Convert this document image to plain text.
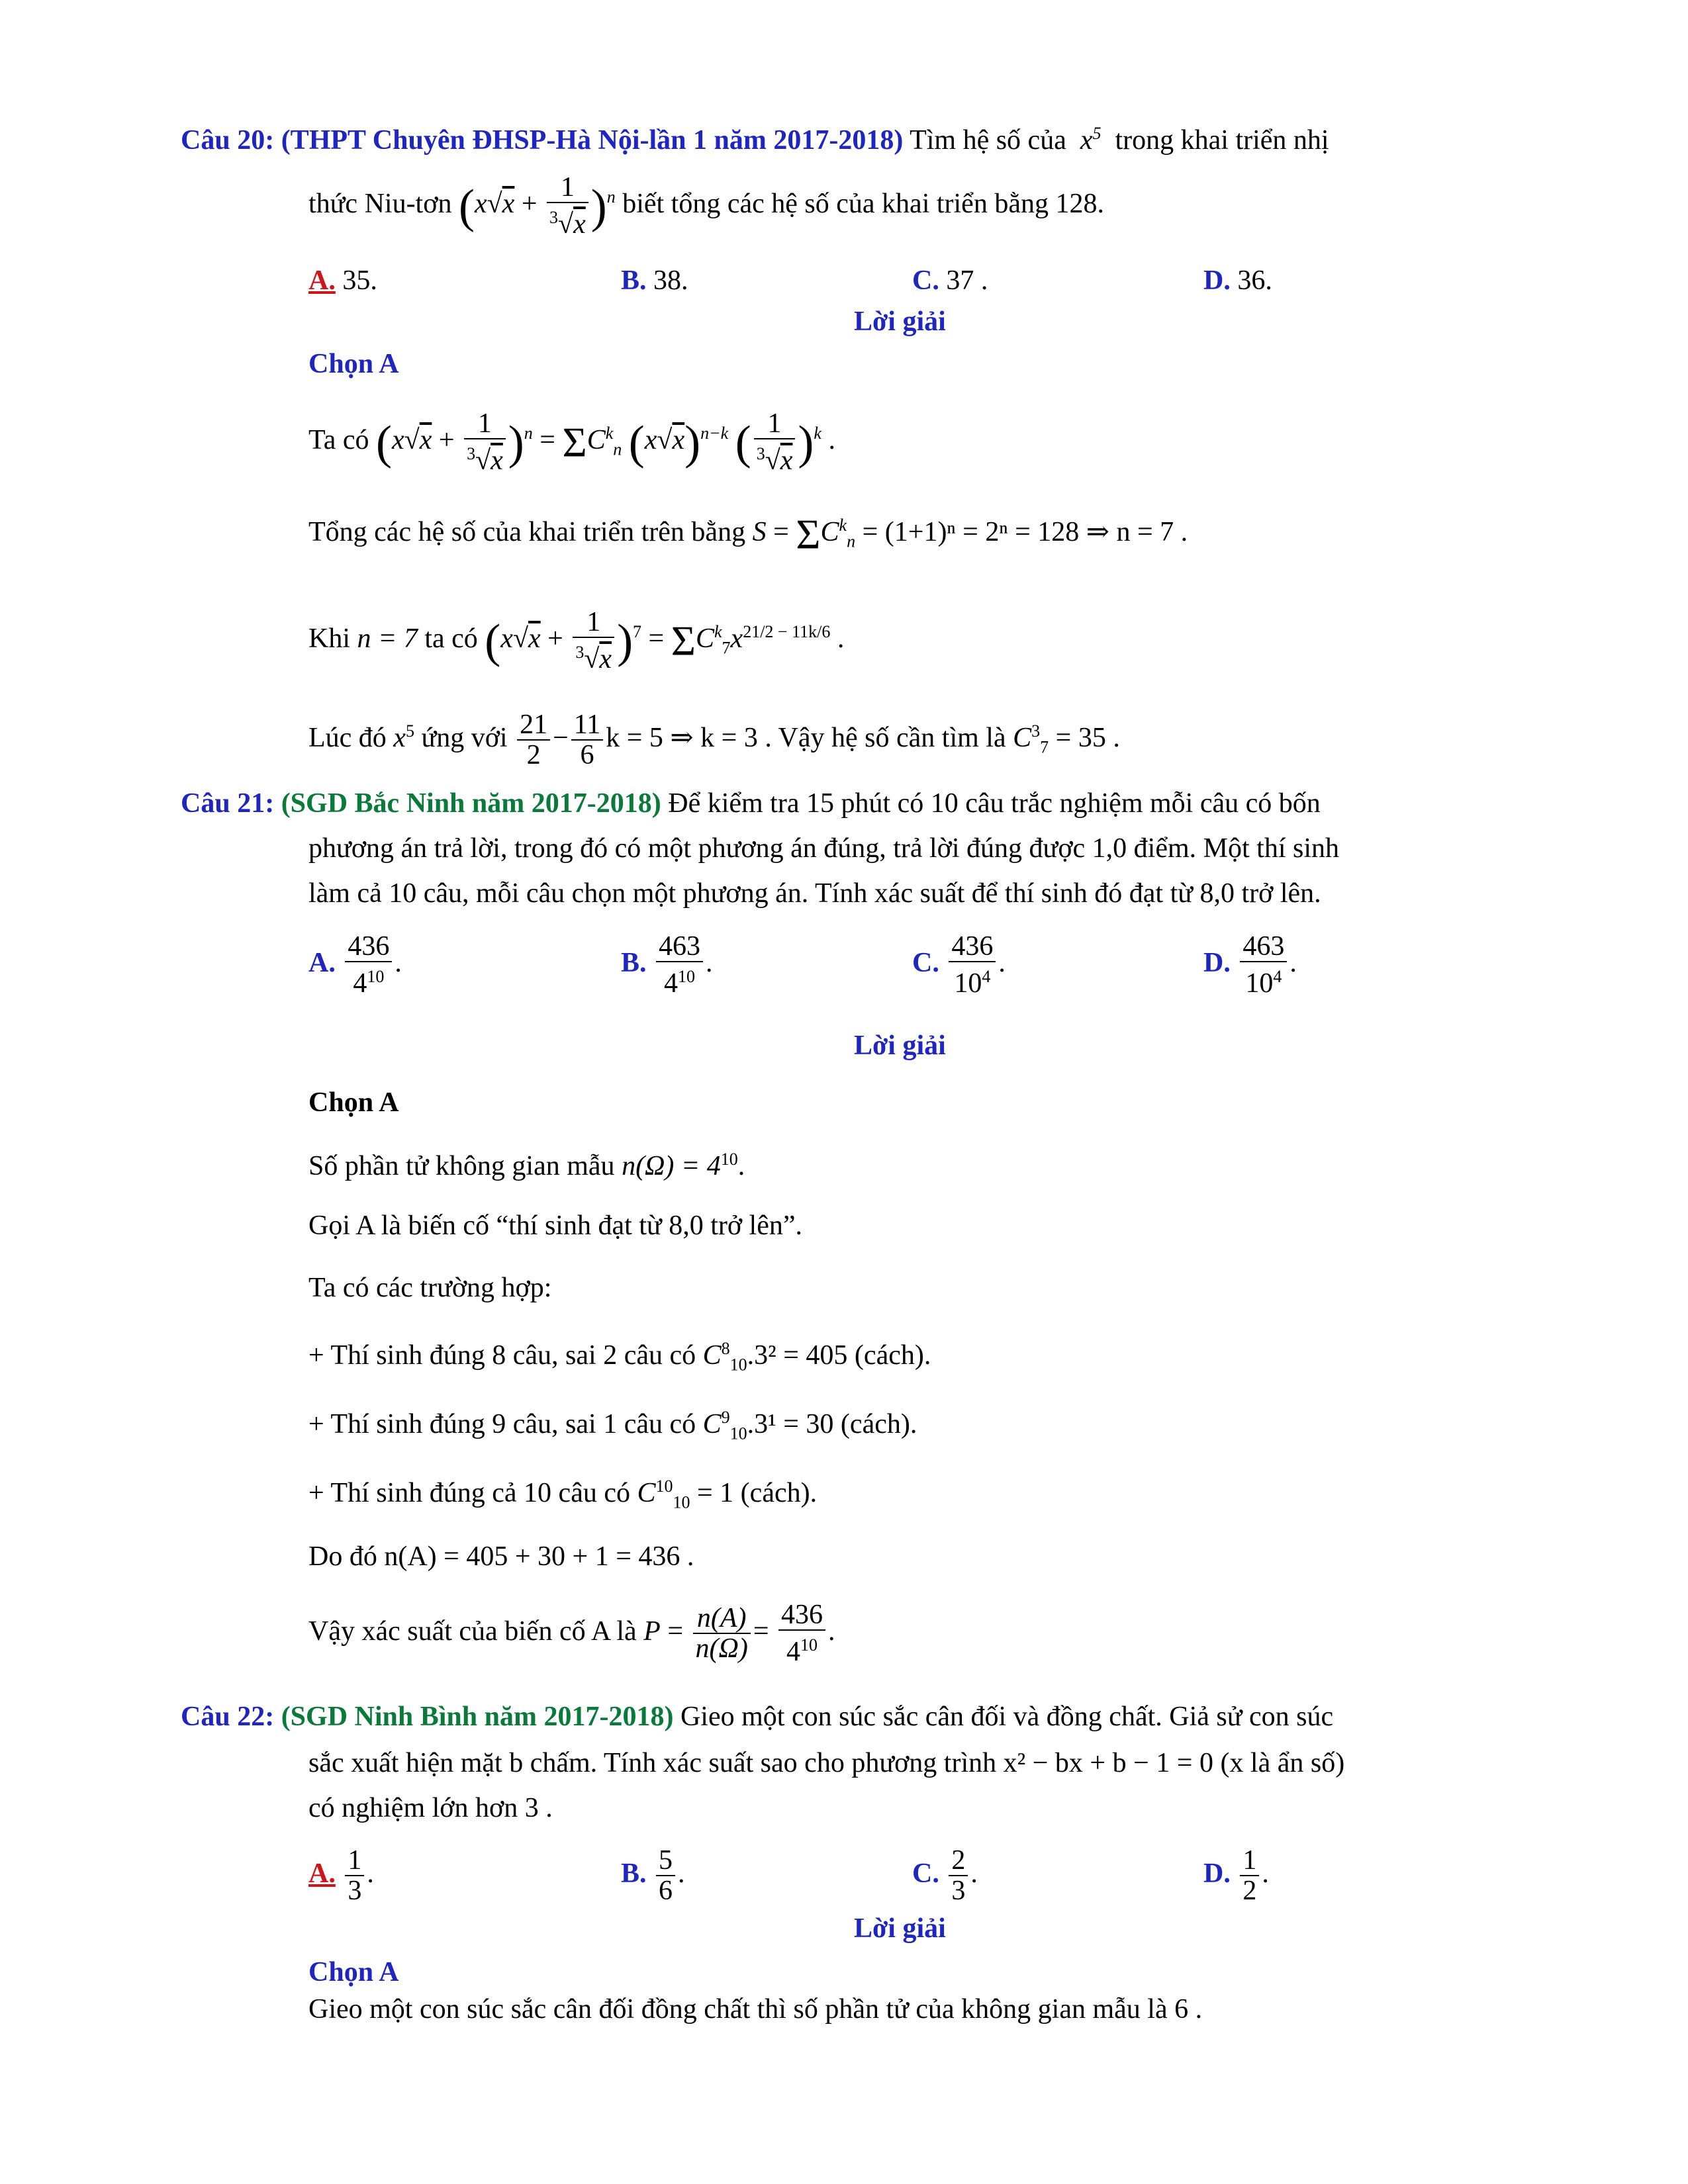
Câu 20: (THPT Chuyên ĐHSP-Hà Nội-lần 1 năm 2017-2018) Tìm hệ số của  $x^5$ trong khai triển nhị
thức Niu-tơn $(x√x + \frac{1}{^3√x} )^n$ biết tổng các hệ số của khai triển bằng 128.
A. 35.	B. 38.	C. 37 .	D. 36.
Lời giải
Chọn A
Ta có $(x√x + \frac{1}{^3√x} )^n = \Sigma C^k_n$ $(x√x)^{n-k}$ ( $\frac{1}{^3√x} )^k$ .
Tổng các hệ số của khai triển trên bằng $S = \Sigma C^k_n = (1+1)^n = 2^n = 128$ ⇒ n = 7 .
Khi n = 7 ta có $(x√x + \frac{1}{^3√x} )^7 = \Sigma C^k_7x^{21/2 - 11k/6}$ .
Lúc đó $x^5$ ứng với $\frac{21}{2} - \frac{11}{6}$ k = 5 ⇒ k = 3 . Vậy hệ số cần tìm là $C^3_7 = 35$ .
Câu 21: (SGD Bắc Ninh năm 2017-2018) Để kiểm tra 15 phút có 10 câu trắc nghiệm mỗi câu có bốn
phương án trả lời, trong đó có một phương án đúng, trả lời đúng được 1,0 điểm. Một thí sinh
làm cả 10 câu, mỗi câu chọn một phương án. Tính xác suất để thí sinh đó đạt từ 8,0 trở lên.
A. $\frac{436}{4^{10}}$ .	B. $\frac{463}{4^{10}}$ .	C. $\frac{436}{10^4}$ .	D. $\frac{463}{10^4}$ .
Lời giải
Chọn A
Số phần tử không gian mẫu $n(\Omega) = 4^{10}$.
Gọi A là biến cố “thí sinh đạt từ 8,0 trở lên”.
Ta có các trường hợp:
+ Thí sinh đúng 8 câu, sai 2 câu có $C^8_{10}.3^2 = 405$ (cách).
+ Thí sinh đúng 9 câu, sai 1 câu có $C^9_{10}.3^1 = 30$ (cách).
+ Thí sinh đúng cả 10 câu có $C^{10}_{10} = 1$ (cách).
Do đó n(A) = 405 + 30 + 1 = 436 .
Vậy xác suất của biến cố A là $P = \frac{n(A)}{n(\Omega)} = \frac{436}{4^{10}}$ .
Câu 22: (SGD Ninh Bình năm 2017-2018) Gieo một con súc sắc cân đối và đồng chất. Giả sử con súc
sắc xuất hiện mặt b chấm. Tính xác suất sao cho phương trình x² − bx + b − 1 = 0 (x là ẩn số)
có nghiệm lớn hơn 3 .
A. $\frac{1}{3}$ .	B. $\frac{5}{6}$ .	C. $\frac{2}{3}$ .	D. $\frac{1}{2}$ .
Lời giải
Chọn A
Gieo một con súc sắc cân đối đồng chất thì số phần tử của không gian mẫu là 6 .
